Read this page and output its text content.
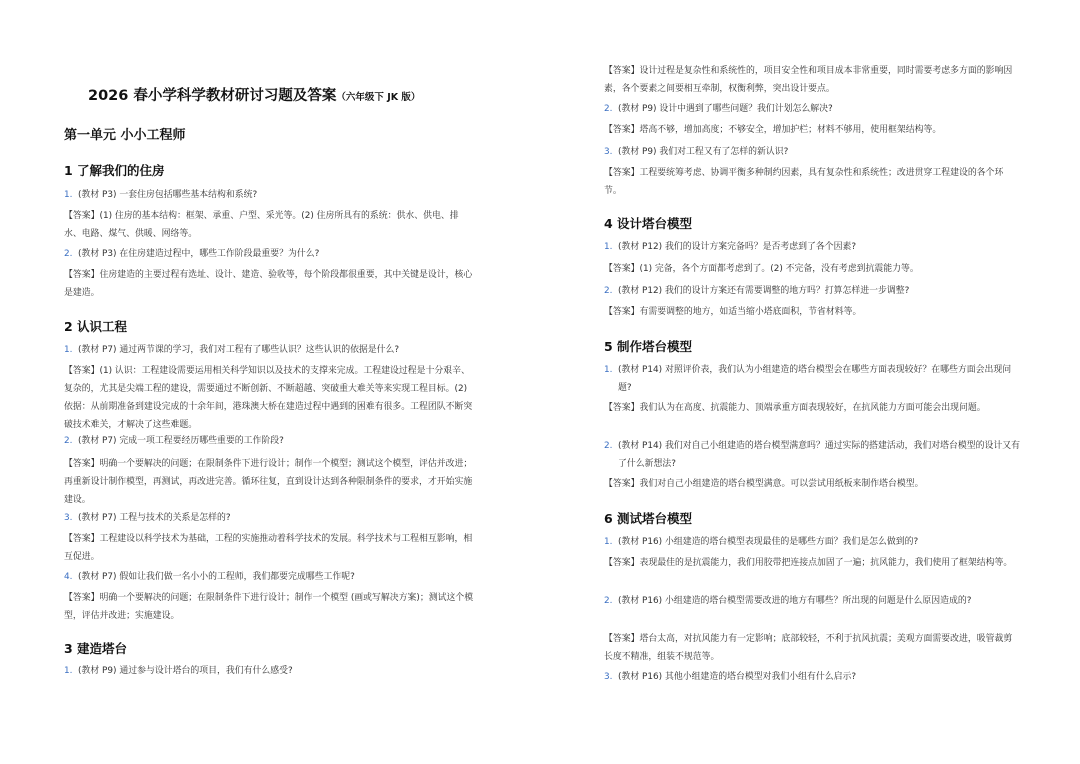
2026 春小学科学教材研讨习题及答案（六年级下 JK 版）
第一单元 小小工程师
1 了解我们的住房
1. (教材 P3) 一套住房包括哪些基本结构和系统?

【答案】(1) 住房的基本结构：框架、承重、户型、采光等。(2) 住房所具有的系统：供水、供电、排水、电路、煤气、供暖、网络等。

2. (教材 P3) 在住房建造过程中，哪些工作阶段最重要？为什么?

【答案】住房建造的主要过程有选址、设计、建造、验收等，每个阶段都很重要，其中关键是设计，核心是建造。

2 认识工程
1. (教材 P7) 通过两节课的学习，我们对工程有了哪些认识？这些认识的依据是什么?

【答案】(1) 认识：工程建设需要运用相关科学知识以及技术的支撑来完成。工程建设过程是十分艰辛、复杂的，尤其是尖端工程的建设，需要通过不断创新、不断超越、突破重大难关等来实现工程目标。(2) 依据：从前期准备到建设完成的十余年间，港珠澳大桥在建造过程中遇到的困难有很多。工程团队不断突破技术难关，才解决了这些难题。

2. (教材 P7) 完成一项工程要经历哪些重要的工作阶段?

【答案】明确一个要解决的问题；在限制条件下进行设计；制作一个模型；测试这个模型，评估并改进；再重新设计制作模型，再测试，再改进完善。循环往复，直到设计达到各种限制条件的要求，才开始实施建设。

3. (教材 P7) 工程与技术的关系是怎样的?

【答案】工程建设以科学技术为基础，工程的实施推动着科学技术的发展。科学技术与工程相互影响，相互促进。

4. (教材 P7) 假如让我们做一名小小的工程师，我们都要完成哪些工作呢?

【答案】明确一个要解决的问题；在限制条件下进行设计；制作一个模型 (画或写解决方案)；测试这个模型，评估并改进；实施建设。

3 建造塔台
1. (教材 P9) 通过参与设计塔台的项目，我们有什么感受?

【答案】设计过程是复杂性和系统性的，项目安全性和项目成本非常重要，同时需要考虑多方面的影响因素，各个要素之间要相互牵制，权衡利弊，突出设计要点。

2. (教材 P9) 设计中遇到了哪些问题？我们计划怎么解决?

【答案】塔高不够，增加高度；不够安全，增加护栏；材料不够用，使用框架结构等。

3. (教材 P9) 我们对工程又有了怎样的新认识?

【答案】工程要统筹考虑、协调平衡多种制约因素，具有复杂性和系统性；改进贯穿工程建设的各个环节。

4 设计塔台模型
1. (教材 P12) 我们的设计方案完备吗？是否考虑到了各个因素?

【答案】(1) 完备，各个方面都考虑到了。(2) 不完备，没有考虑到抗震能力等。

2. (教材 P12) 我们的设计方案还有需要调整的地方吗？打算怎样进一步调整?

【答案】有需要调整的地方，如适当缩小塔底面积，节省材料等。

5 制作塔台模型
1. (教材 P14) 对照评价表，我们认为小组建造的塔台模型会在哪些方面表现较好？在哪些方面会出现问题?

【答案】我们认为在高度、抗震能力、顶端承重方面表现较好，在抗风能力方面可能会出现问题。

2. (教材 P14) 我们对自己小组建造的塔台模型满意吗？通过实际的搭建活动，我们对塔台模型的设计又有了什么新想法?

【答案】我们对自己小组建造的塔台模型满意。可以尝试用纸板来制作塔台模型。

6 测试塔台模型
1. (教材 P16) 小组建造的塔台模型表现最佳的是哪些方面？我们是怎么做到的?

【答案】表现最佳的是抗震能力，我们用胶带把连接点加固了一遍；抗风能力，我们使用了框架结构等。

2. (教材 P16) 小组建造的塔台模型需要改进的地方有哪些？所出现的问题是什么原因造成的?

【答案】塔台太高，对抗风能力有一定影响；底部较轻，不利于抗风抗震；美观方面需要改进，吸管裁剪长度不精准，组装不规范等。

3. (教材 P16) 其他小组建造的塔台模型对我们小组有什么启示?
